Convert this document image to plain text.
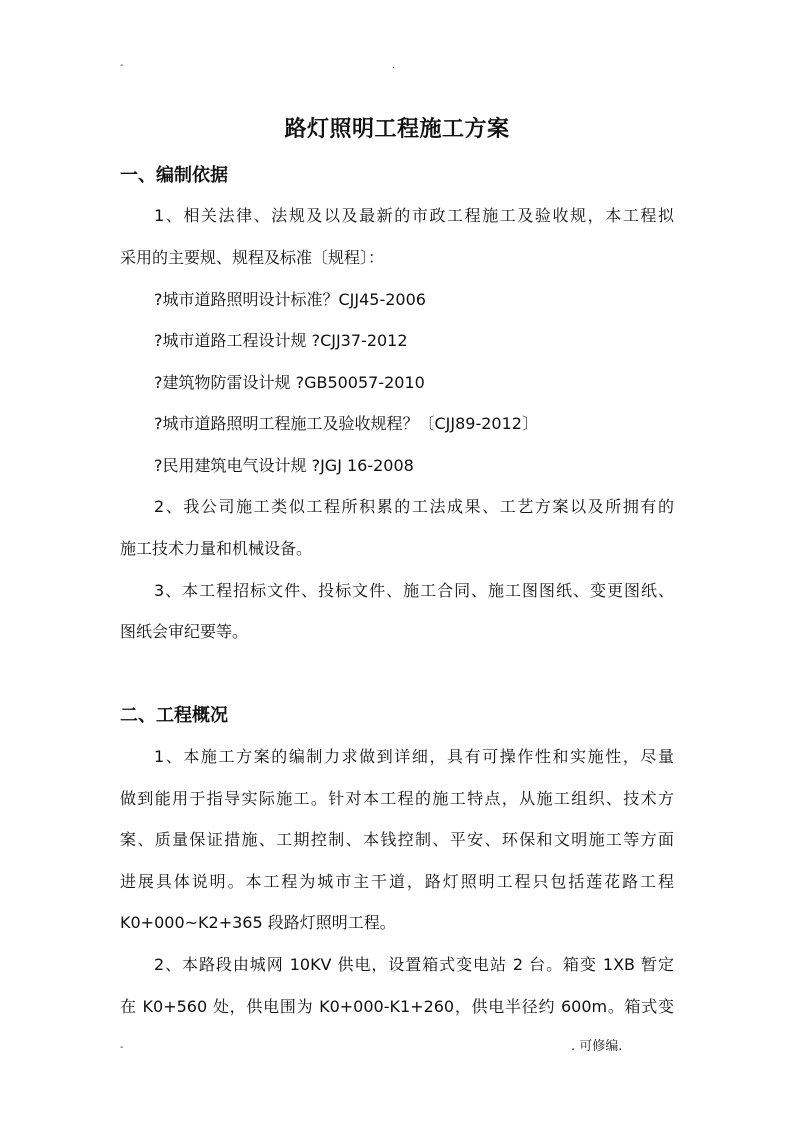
-	.
路灯照明工程施工方案
一、编制依据
1、相关法律、法规及以及最新的市政工程施工及验收规，本工程拟
采用的主要规、规程及标准〔规程〕：
?城市道路照明设计标准？CJJ45-2006
?城市道路工程设计规 ?CJJ37-2012
?建筑物防雷设计规 ?GB50057-2010
?城市道路照明工程施工及验收规程？〔CJJ89-2012〕
?民用建筑电气设计规 ?JGJ 16-2008
2、我公司施工类似工程所积累的工法成果、工艺方案以及所拥有的
施工技术力量和机械设备。
3、本工程招标文件、投标文件、施工合同、施工图图纸、变更图纸、
图纸会审纪要等。
二、工程概况
1、本施工方案的编制力求做到详细，具有可操作性和实施性，尽量
做到能用于指导实际施工。针对本工程的施工特点，从施工组织、技术方
案、质量保证措施、工期控制、本钱控制、平安、环保和文明施工等方面
进展具体说明。本工程为城市主干道，路灯照明工程只包括莲花路工程
K0+000~K2+365 段路灯照明工程。
2、本路段由城网 10KV 供电，设置箱式变电站 2 台。箱变 1XB 暂定
在 K0+560 处，供电围为 K0+000-K1+260，供电半径约 600m。箱式变
-	. 可修编.
